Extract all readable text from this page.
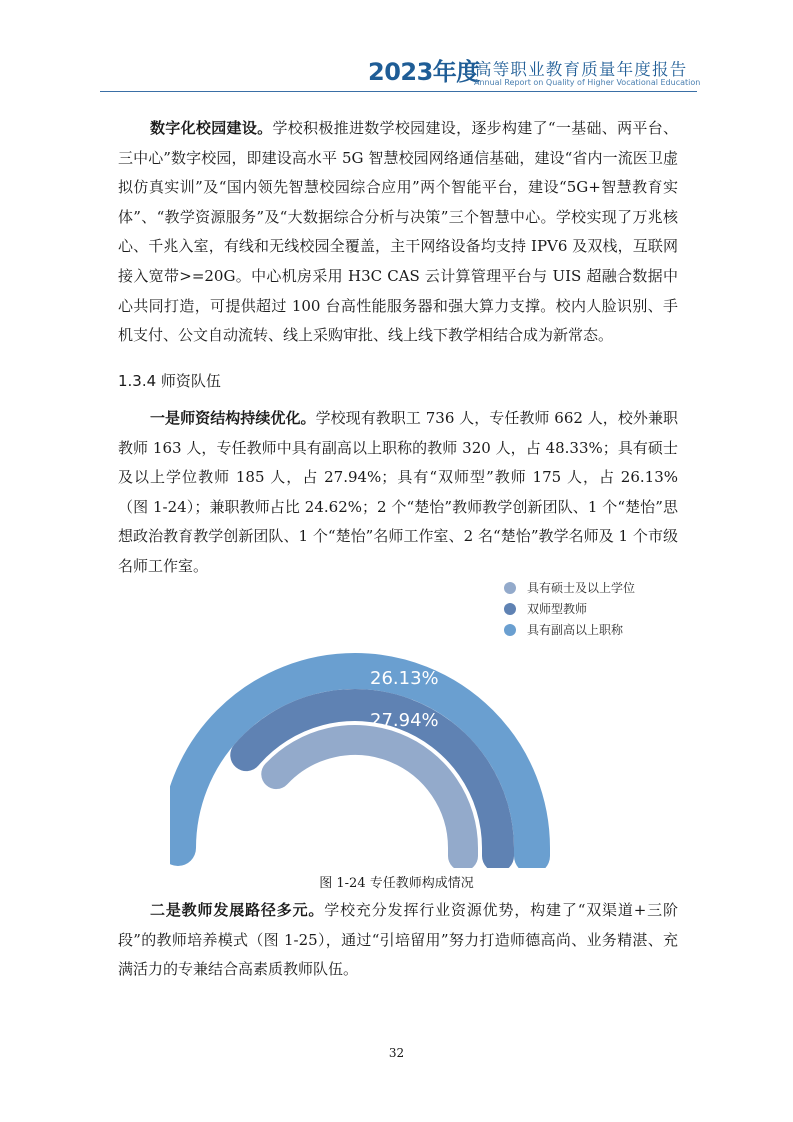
2023年度
高等职业教育质量年度报告
Annual Report on Quality of Higher Vocational Education

数字化校园建设。学校积极推进数学校园建设，逐步构建了“一基础、两平台、三中心”数字校园，即建设高水平 5G 智慧校园网络通信基础，建设“省内一流医卫虚拟仿真实训”及“国内领先智慧校园综合应用”两个智能平台，建设“5G+智慧教育实体”、“教学资源服务”及“大数据综合分析与决策”三个智慧中心。学校实现了万兆核心、千兆入室，有线和无线校园全覆盖，主干网络设备均支持 IPV6 及双栈，互联网接入宽带>=20G。中心机房采用 H3C CAS 云计算管理平台与 UIS 超融合数据中心共同打造，可提供超过 100 台高性能服务器和强大算力支撑。校内人脸识别、手机支付、公文自动流转、线上采购审批、线上线下教学相结合成为新常态。

1.3.4 师资队伍

一是师资结构持续优化。学校现有教职工 736 人，专任教师 662 人，校外兼职教师 163 人，专任教师中具有副高以上职称的教师 320 人，占 48.33%；具有硕士及以上学位教师 185 人，占 27.94%；具有“双师型”教师 175 人，占 26.13%（图 1-24）；兼职教师占比 24.62%；2 个“楚怡”教师教学创新团队、1 个“楚怡”思想政治教育教学创新团队、1 个“楚怡”名师工作室、2 名“楚怡”教学名师及 1 个市级名师工作室。

48.33%
26.13%
27.94%
具有硕士及以上学位
双师型教师
具有副高以上职称
图 1-24 专任教师构成情况

二是教师发展路径多元。学校充分发挥行业资源优势，构建了“双渠道+三阶段”的教师培养模式（图 1-25），通过“引培留用”努力打造师德高尚、业务精湛、充满活力的专兼结合高素质教师队伍。

32
